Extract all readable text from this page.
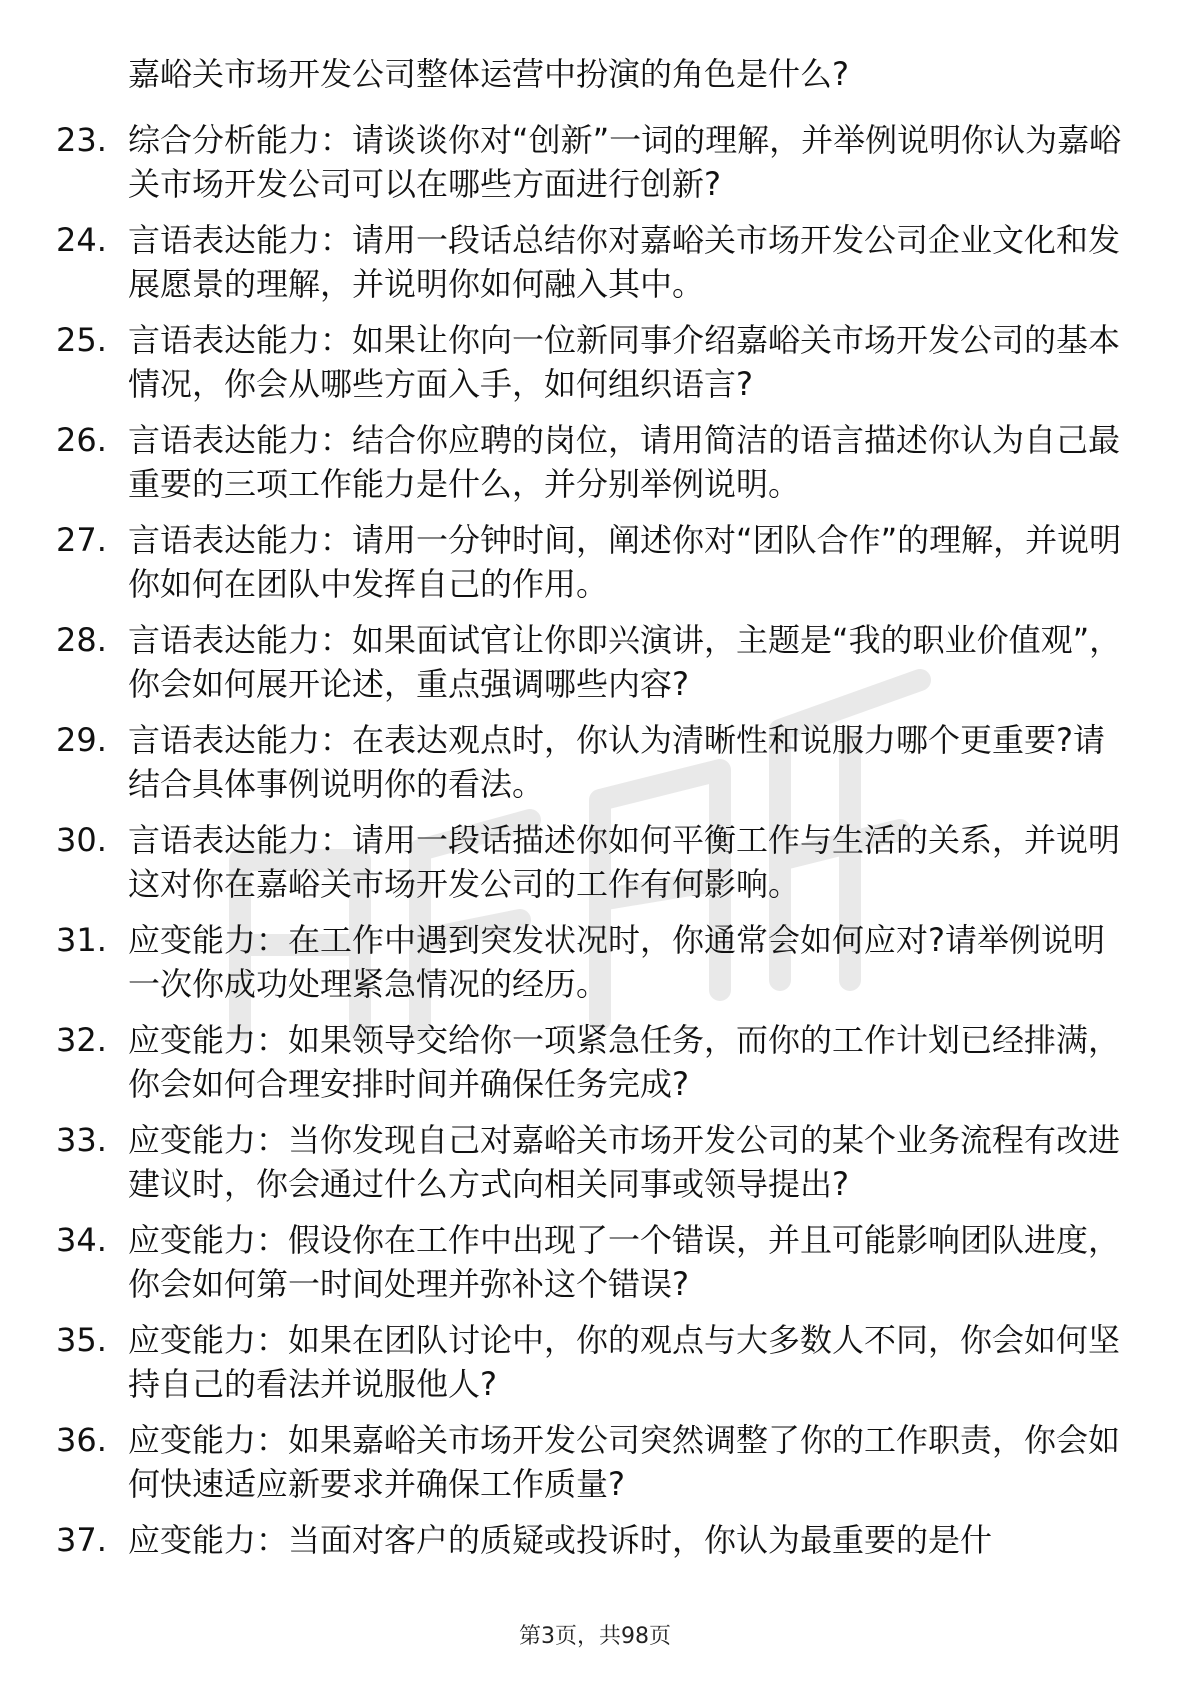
嘉峪关市场开发公司整体运营中扮演的角色是什么?
23. 综合分析能力：请谈谈你对“创新”一词的理解，并举例说明你认为嘉峪关市场开发公司可以在哪些方面进行创新?
24. 言语表达能力：请用一段话总结你对嘉峪关市场开发公司企业文化和发展愿景的理解，并说明你如何融入其中。
25. 言语表达能力：如果让你向一位新同事介绍嘉峪关市场开发公司的基本情况，你会从哪些方面入手，如何组织语言?
26. 言语表达能力：结合你应聘的岗位，请用简洁的语言描述你认为自己最重要的三项工作能力是什么，并分别举例说明。
27. 言语表达能力：请用一分钟时间，阐述你对“团队合作”的理解，并说明你如何在团队中发挥自己的作用。
28. 言语表达能力：如果面试官让你即兴演讲，主题是“我的职业价值观”，你会如何展开论述，重点强调哪些内容?
29. 言语表达能力：在表达观点时，你认为清晰性和说服力哪个更重要?请结合具体事例说明你的看法。
30. 言语表达能力：请用一段话描述你如何平衡工作与生活的关系，并说明这对你在嘉峪关市场开发公司的工作有何影响。
31. 应变能力：在工作中遇到突发状况时，你通常会如何应对?请举例说明一次你成功处理紧急情况的经历。
32. 应变能力：如果领导交给你一项紧急任务，而你的工作计划已经排满，你会如何合理安排时间并确保任务完成?
33. 应变能力：当你发现自己对嘉峪关市场开发公司的某个业务流程有改进建议时，你会通过什么方式向相关同事或领导提出?
34. 应变能力：假设你在工作中出现了一个错误，并且可能影响团队进度，你会如何第一时间处理并弥补这个错误?
35. 应变能力：如果在团队讨论中，你的观点与大多数人不同，你会如何坚持自己的看法并说服他人?
36. 应变能力：如果嘉峪关市场开发公司突然调整了你的工作职责，你会如何快速适应新要求并确保工作质量?
37. 应变能力：当面对客户的质疑或投诉时，你认为最重要的是什
第3页，共98页
